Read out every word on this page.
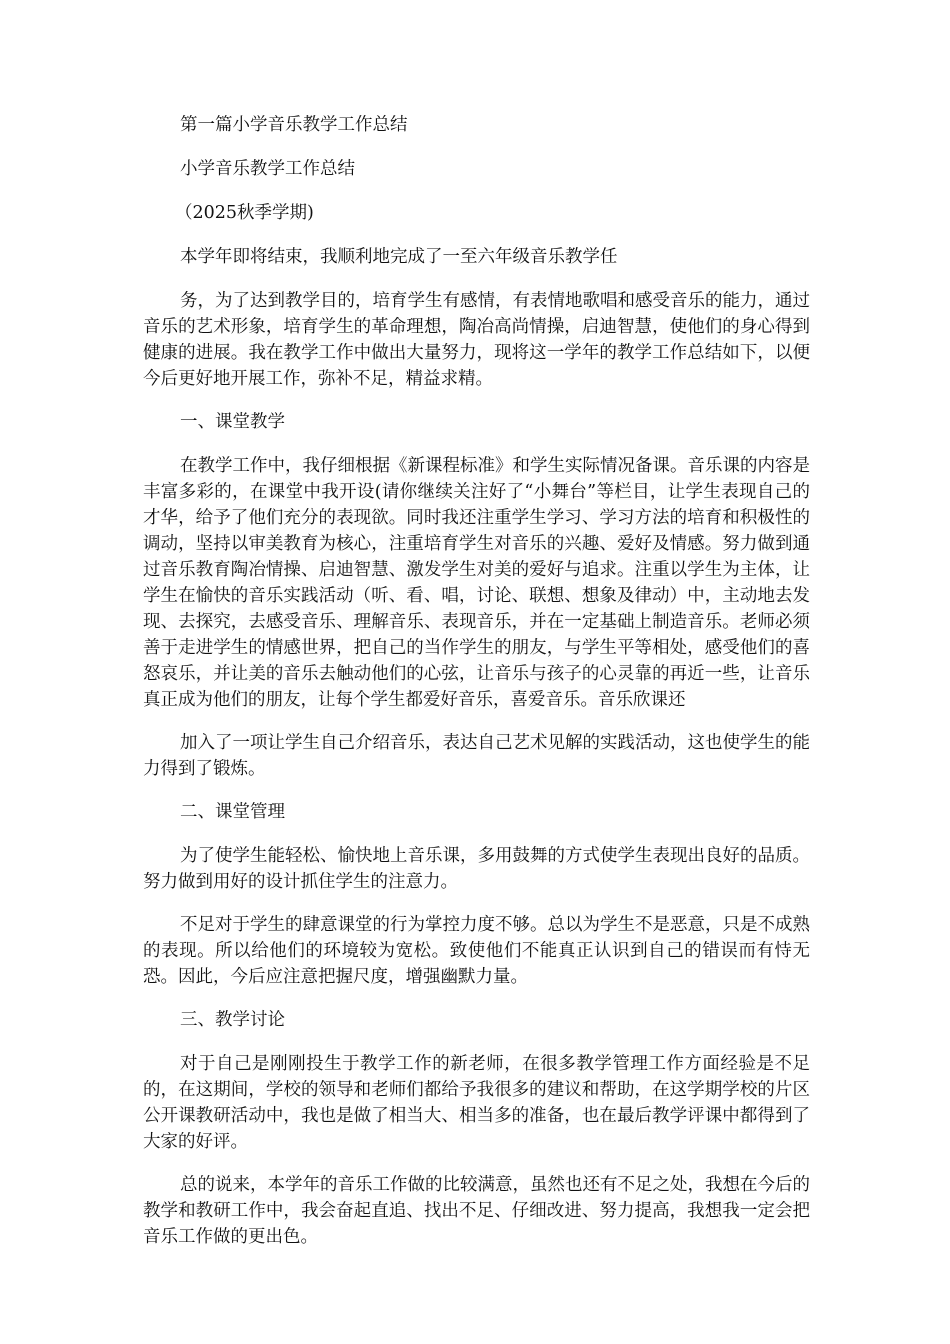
第一篇小学音乐教学工作总结

小学音乐教学工作总结

（2025秋季学期)

本学年即将结束，我顺利地完成了一至六年级音乐教学任

务，为了达到教学目的，培育学生有感情，有表情地歌唱和感受音乐的能力，通过音乐的艺术形象，培育学生的革命理想，陶冶高尚情操，启迪智慧，使他们的身心得到健康的进展。我在教学工作中做出大量努力，现将这一学年的教学工作总结如下，以便今后更好地开展工作，弥补不足，精益求精。

一、课堂教学

在教学工作中，我仔细根据《新课程标准》和学生实际情况备课。音乐课的内容是丰富多彩的，在课堂中我开设(请你继续关注好了“小舞台”等栏目，让学生表现自己的才华，给予了他们充分的表现欲。同时我还注重学生学习、学习方法的培育和积极性的调动，坚持以审美教育为核心，注重培育学生对音乐的兴趣、爱好及情感。努力做到通过音乐教育陶冶情操、启迪智慧、激发学生对美的爱好与追求。注重以学生为主体，让学生在愉快的音乐实践活动（听、看、唱，讨论、联想、想象及律动）中，主动地去发现、去探究，去感受音乐、理解音乐、表现音乐，并在一定基础上制造音乐。老师必须善于走进学生的情感世界，把自己的当作学生的朋友，与学生平等相处，感受他们的喜怒哀乐，并让美的音乐去触动他们的心弦，让音乐与孩子的心灵靠的再近一些，让音乐真正成为他们的朋友，让每个学生都爱好音乐，喜爱音乐。音乐欣课还

加入了一项让学生自己介绍音乐，表达自己艺术见解的实践活动，这也使学生的能力得到了锻炼。

二、课堂管理

为了使学生能轻松、愉快地上音乐课，多用鼓舞的方式使学生表现出良好的品质。努力做到用好的设计抓住学生的注意力。

不足对于学生的肆意课堂的行为掌控力度不够。总以为学生不是恶意，只是不成熟的表现。所以给他们的环境较为宽松。致使他们不能真正认识到自己的错误而有恃无恐。因此，今后应注意把握尺度，增强幽默力量。

三、教学讨论

对于自己是刚刚投生于教学工作的新老师，在很多教学管理工作方面经验是不足的，在这期间，学校的领导和老师们都给予我很多的建议和帮助，在这学期学校的片区公开课教研活动中，我也是做了相当大、相当多的准备，也在最后教学评课中都得到了大家的好评。

总的说来，本学年的音乐工作做的比较满意，虽然也还有不足之处，我想在今后的教学和教研工作中，我会奋起直追、找出不足、仔细改进、努力提高，我想我一定会把音乐工作做的更出色。
